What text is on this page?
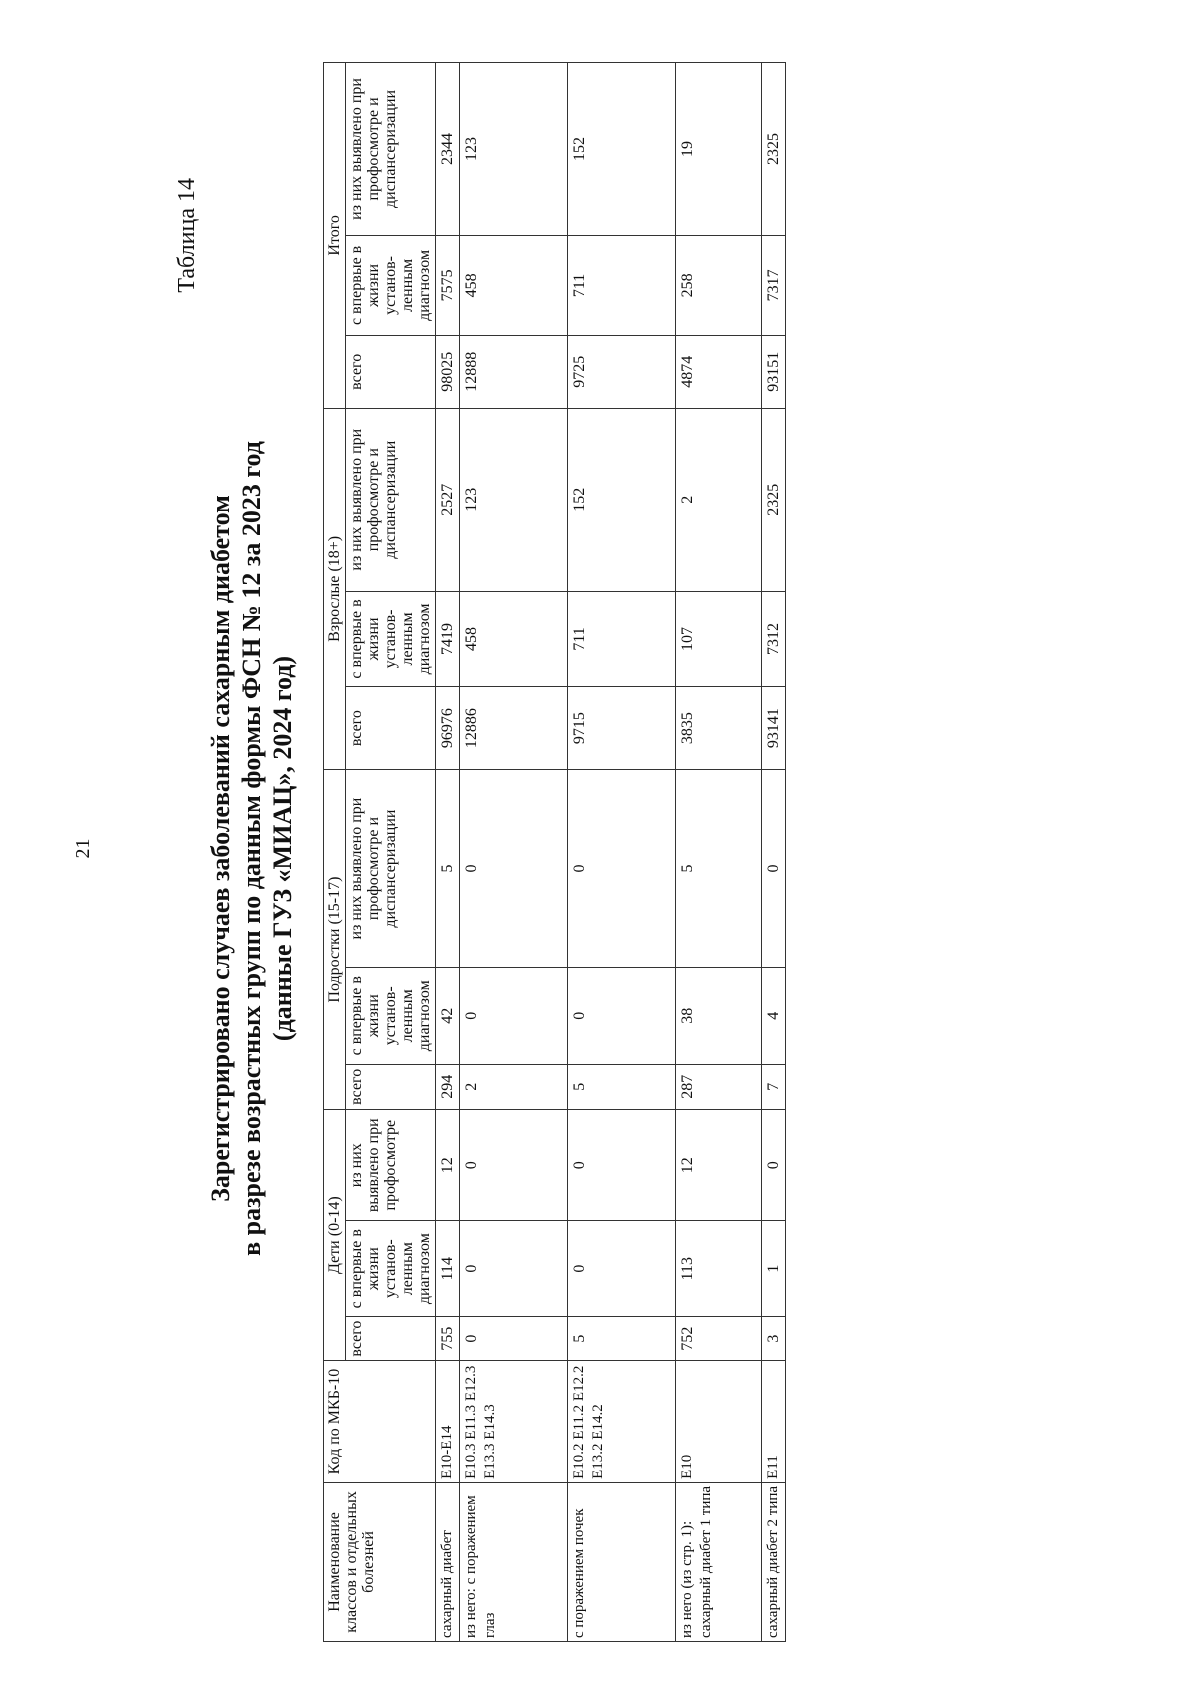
21
Таблица 14
Зарегистрировано случаев заболеваний сахарным диабетом в разрезе возрастных групп по данным формы ФСН № 12 за 2023 год (данные ГУЗ «МИАЦ», 2024 год)
Наименование классов и отдельных болезней	Код по МКБ-10	Дети (0-14)			Подростки (15-17)			Взрослые (18+)			Итого		
		всего	с впервые в жизни установ-ленным диагнозом	из них выявлено при профосмотре	всего	с впервые в жизни установ-ленным диагнозом	из них выявлено при профосмотре и диспансеризации	всего	с впервые в жизни установ-ленным диагнозом	из них выявлено при профосмотре и диспансеризации	всего	с впервые в жизни установ-ленным диагнозом	из них выявлено при профосмотре и диспансеризации
сахарный диабет	E10-E14	755	114	12	294	42	5	96976	7419	2527	98025	7575	2344
из него: с поражением глаз	E10.3 E11.3 E12.3 E13.3 E14.3	0	0	0	2	0	0	12886	458	123	12888	458	123
с поражением почек	E10.2 E11.2 E12.2 E13.2 E14.2	5	0	0	5	0	0	9715	711	152	9725	711	152
из него (из стр. 1): сахарный диабет 1 типа	E10	752	113	12	287	38	5	3835	107	2	4874	258	19
сахарный диабет 2 типа	E11	3	1	0	7	4	0	93141	7312	2325	93151	7317	2325
